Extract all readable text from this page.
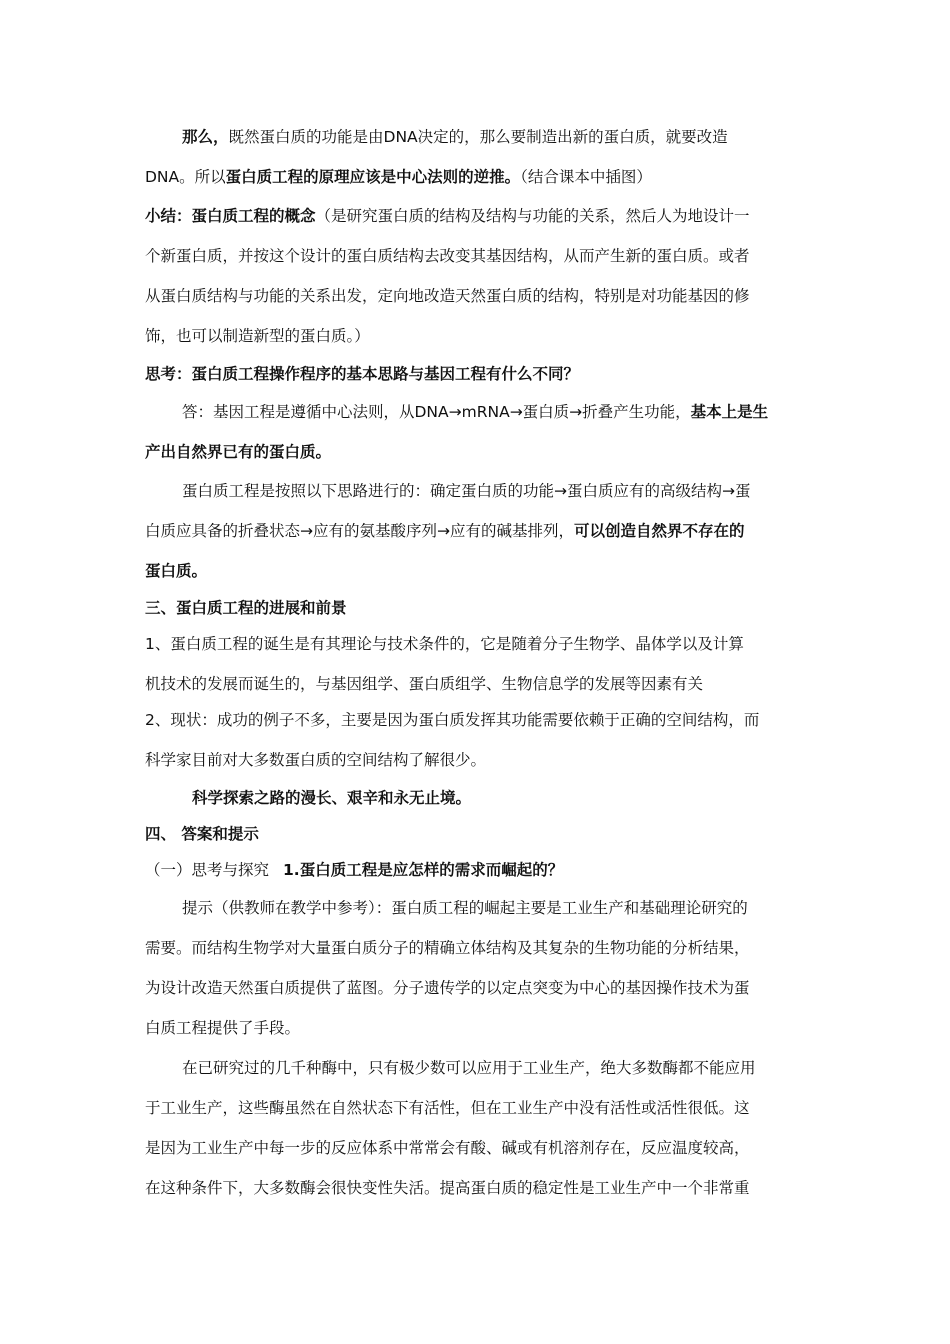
那么，既然蛋白质的功能是由DNA决定的，那么要制造出新的蛋白质，就要改造
DNA。所以蛋白质工程的原理应该是中心法则的逆推。（结合课本中插图）
小结：蛋白质工程的概念（是研究蛋白质的结构及结构与功能的关系，然后人为地设计一
个新蛋白质，并按这个设计的蛋白质结构去改变其基因结构，从而产生新的蛋白质。或者
从蛋白质结构与功能的关系出发，定向地改造天然蛋白质的结构，特别是对功能基因的修
饰，也可以制造新型的蛋白质。）
思考：蛋白质工程操作程序的基本思路与基因工程有什么不同？
答：基因工程是遵循中心法则，从DNA→mRNA→蛋白质→折叠产生功能，基本上是生
产出自然界已有的蛋白质。
蛋白质工程是按照以下思路进行的：确定蛋白质的功能→蛋白质应有的高级结构→蛋
白质应具备的折叠状态→应有的氨基酸序列→应有的碱基排列，可以创造自然界不存在的
蛋白质。
三、蛋白质工程的进展和前景
1、蛋白质工程的诞生是有其理论与技术条件的，它是随着分子生物学、晶体学以及计算
机技术的发展而诞生的，与基因组学、蛋白质组学、生物信息学的发展等因素有关
2、现状：成功的例子不多，主要是因为蛋白质发挥其功能需要依赖于正确的空间结构，而
科学家目前对大多数蛋白质的空间结构了解很少。
科学探索之路的漫长、艰辛和永无止境。
四、 答案和提示
（一）思考与探究 1.蛋白质工程是应怎样的需求而崛起的？
提示（供教师在教学中参考）：蛋白质工程的崛起主要是工业生产和基础理论研究的
需要。而结构生物学对大量蛋白质分子的精确立体结构及其复杂的生物功能的分析结果，
为设计改造天然蛋白质提供了蓝图。分子遗传学的以定点突变为中心的基因操作技术为蛋
白质工程提供了手段。
在已研究过的几千种酶中，只有极少数可以应用于工业生产，绝大多数酶都不能应用
于工业生产，这些酶虽然在自然状态下有活性，但在工业生产中没有活性或活性很低。这
是因为工业生产中每一步的反应体系中常常会有酸、碱或有机溶剂存在，反应温度较高，
在这种条件下，大多数酶会很快变性失活。提高蛋白质的稳定性是工业生产中一个非常重
